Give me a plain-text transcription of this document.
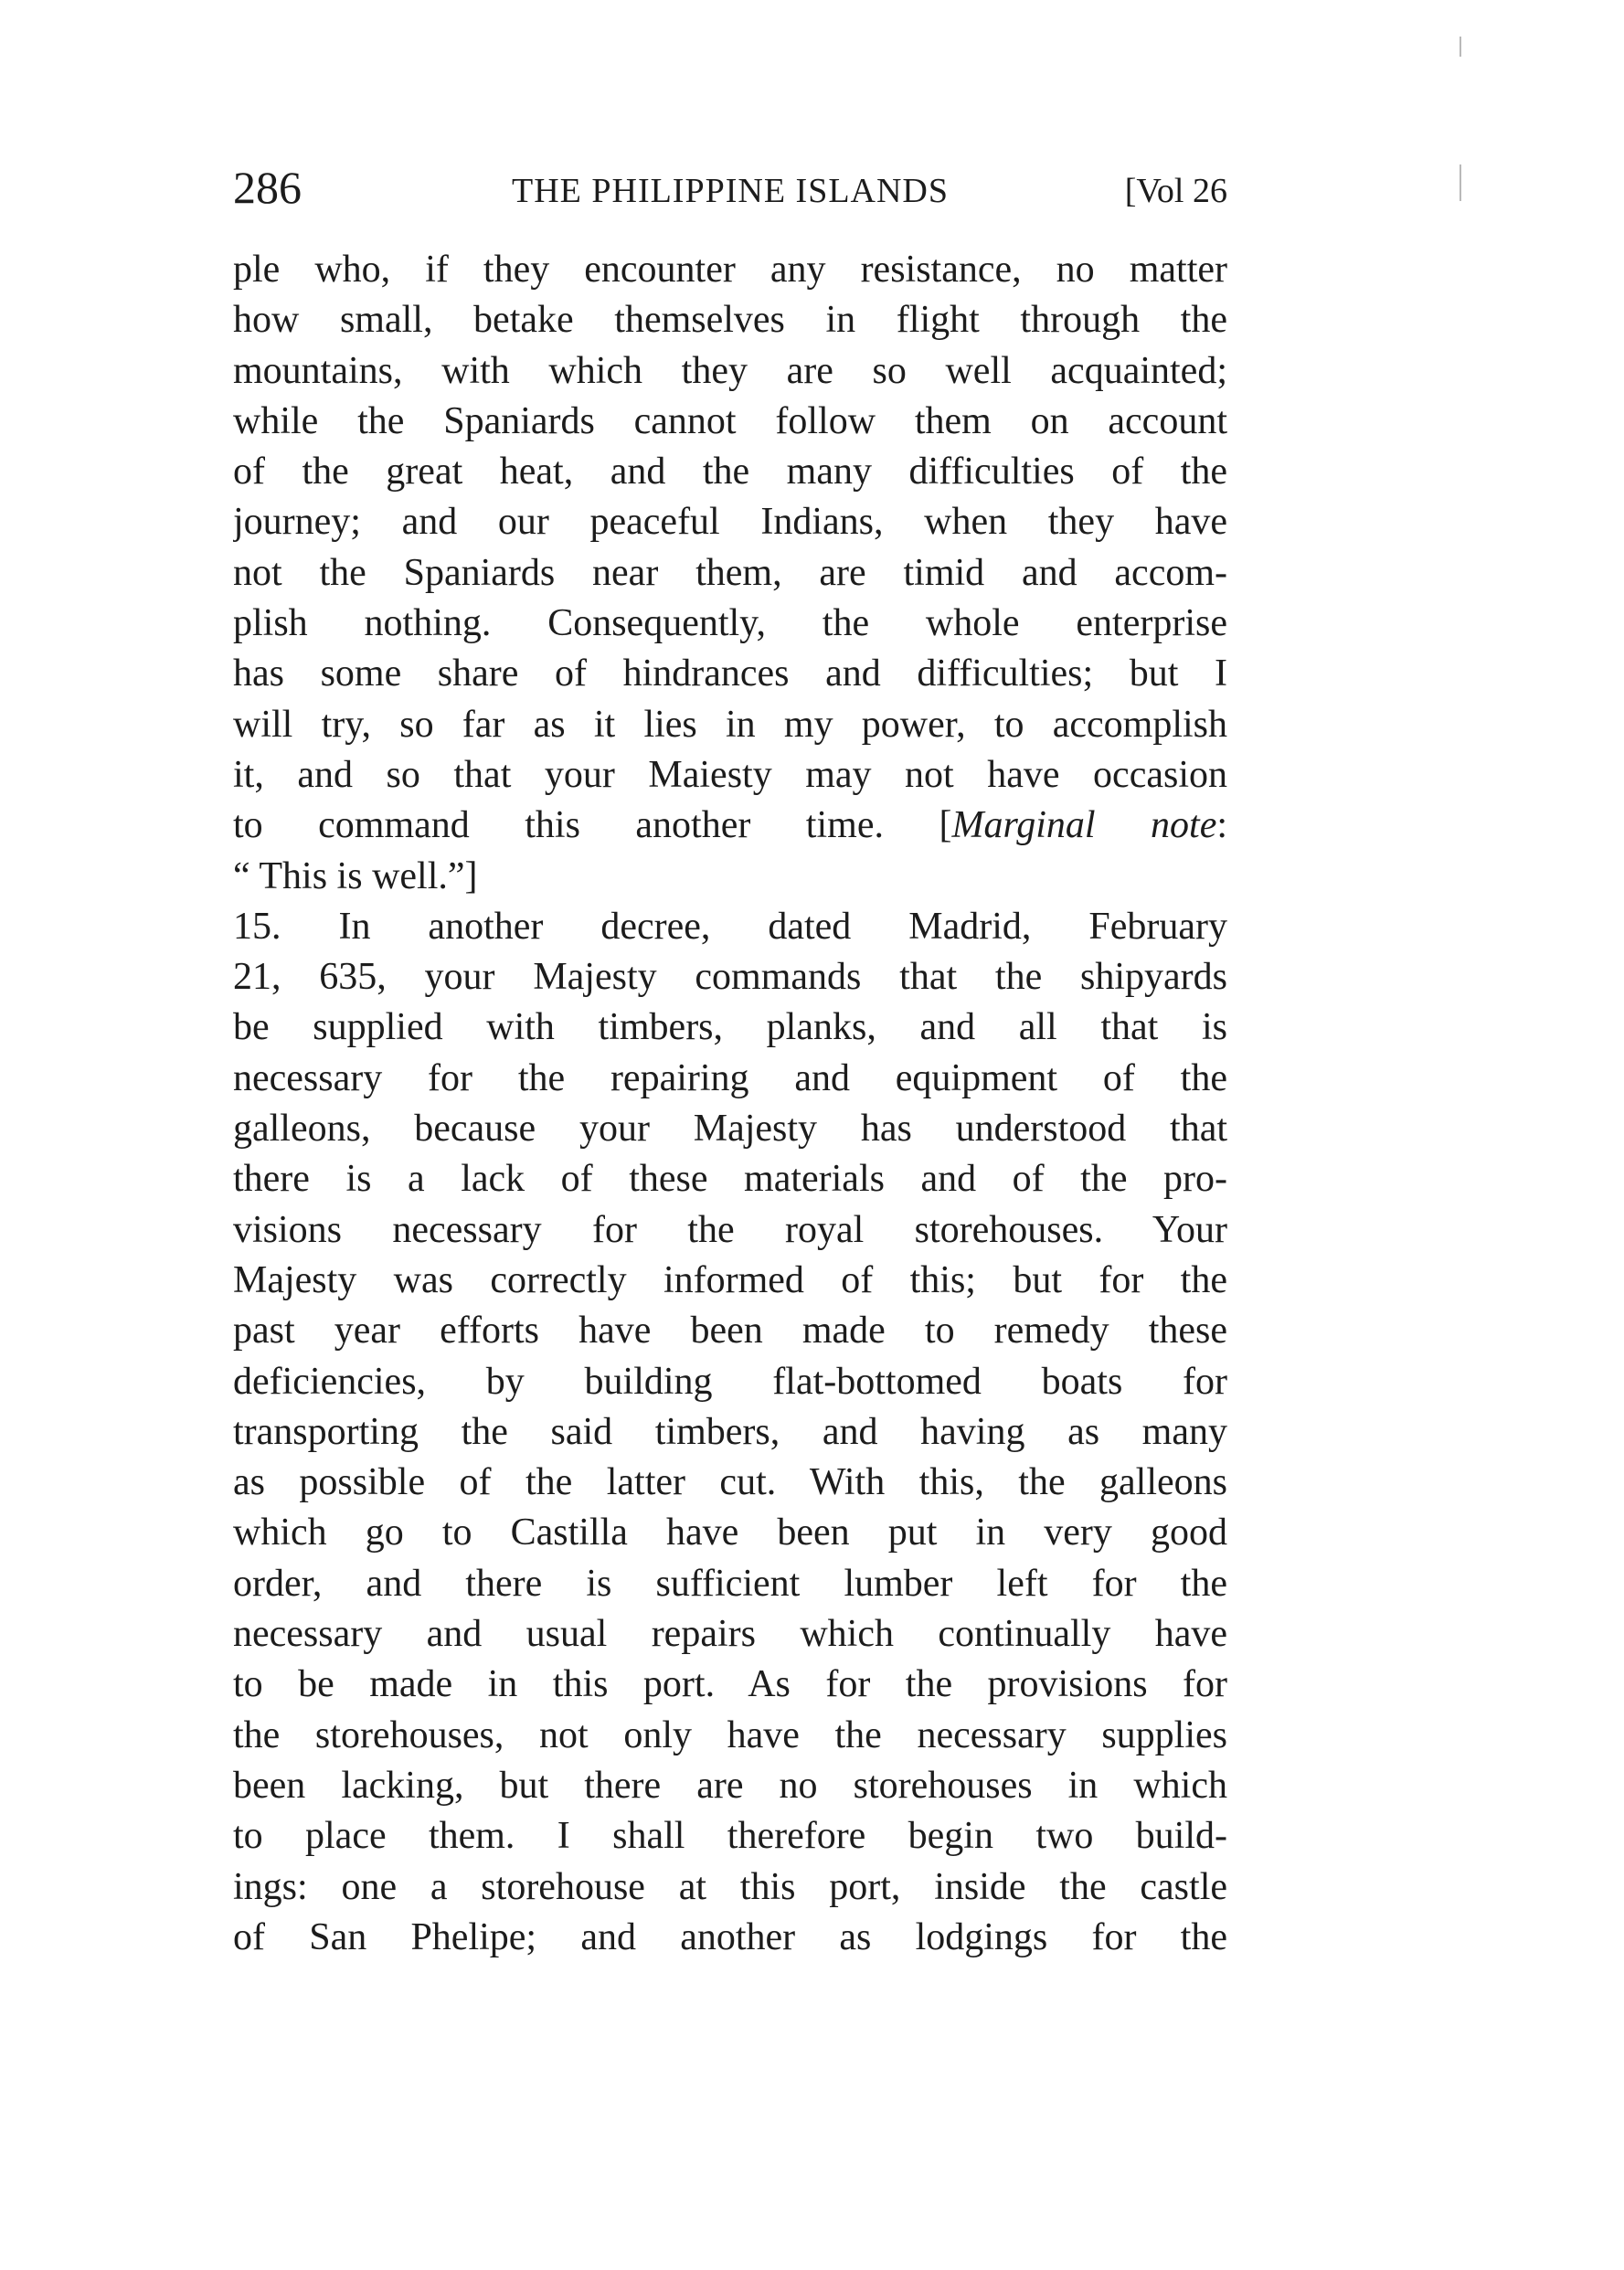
286	THE PHILIPPINE ISLANDS	[Vol 26
ple who, if they encounter any resistance, no matter
how small, betake themselves in flight through the
mountains, with which they are so well acquainted;
while the Spaniards cannot follow them on account
of the great heat, and the many difficulties of the
journey; and our peaceful Indians, when they have
not the Spaniards near them, are timid and accom-
plish nothing. Consequently, the whole enterprise
has some share of hindrances and difficulties; but I
will try, so far as it lies in my power, to accomplish
it, and so that your Maiesty may not have occasion
to command this another time. [Marginal note:
“ This is well.”]
15. In another decree, dated Madrid, February
21, 635, your Majesty commands that the shipyards
be supplied with timbers, planks, and all that is
necessary for the repairing and equipment of the
galleons, because your Majesty has understood that
there is a lack of these materials and of the pro-
visions necessary for the royal storehouses. Your
Majesty was correctly informed of this; but for the
past year efforts have been made to remedy these
deficiencies, by building flat-bottomed boats for
transporting the said timbers, and having as many
as possible of the latter cut. With this, the galleons
which go to Castilla have been put in very good
order, and there is sufficient lumber left for the
necessary and usual repairs which continually have
to be made in this port. As for the provisions for
the storehouses, not only have the necessary supplies
been lacking, but there are no storehouses in which
to place them. I shall therefore begin two build-
ings: one a storehouse at this port, inside the castle
of San Phelipe; and another as lodgings for the
